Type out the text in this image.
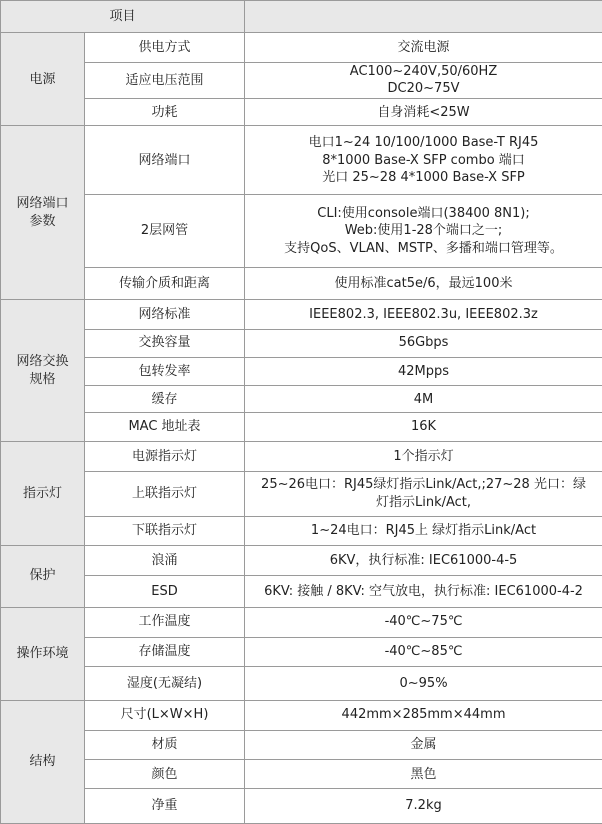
项目		
电源	供电方式	交流电源

	适应电压范围	AC100~240V,50/60HZ
DC20~75V

	功耗	自身消耗<25W

网络端口
参数	网络端口	电口1~24 10/100/1000 Base-T RJ45
8*1000 Base-X SFP combo 端口
光口 25~28 4*1000 Base-X SFP

	2层网管	CLI:使用console端口(38400 8N1);
Web:使用1-28个端口之一;
支持QoS、VLAN、MSTP、多播和端口管理等。

	传输介质和距离	使用标准cat5e/6，最远100米

网络交换
规格	网络标准	IEEE802.3, IEEE802.3u, IEEE802.3z

	交换容量	56Gbps

	包转发率	42Mpps

	缓存	4M

	MAC 地址表	16K

指示灯	电源指示灯	1个指示灯

	上联指示灯	25~26电口：RJ45绿灯指示Link/Act,;27~28 光口：绿
灯指示Link/Act,

	下联指示灯	1~24电口：RJ45上 绿灯指示Link/Act

保护	浪涌	6KV，执行标准: IEC61000-4-5

	ESD	6KV: 接触 / 8KV: 空气放电，执行标准: IEC61000-4-2

操作环境	工作温度	-40℃~75℃

	存储温度	-40℃~85℃

	湿度(无凝结)	0~95%

结构	尺寸(L×W×H)	442mm×285mm×44mm

	材质	金属

	颜色	黑色

	净重	7.2kg
